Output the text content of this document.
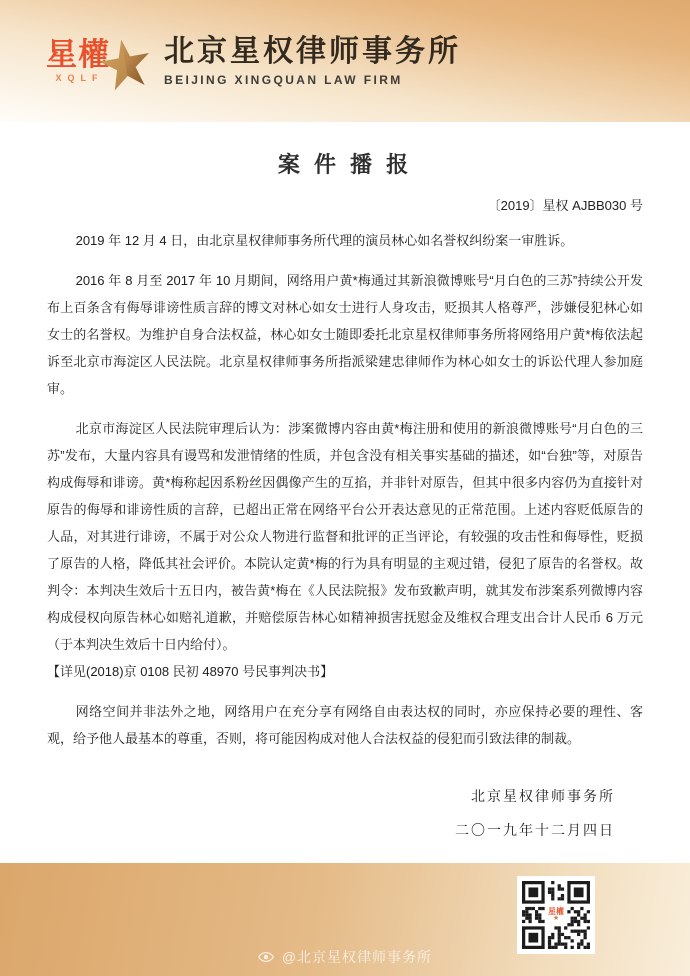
星權
XQLF
北京星权律师事务所
BEIJING XINGQUAN LAW FIRM
案 件 播 报
〔2019〕星权 AJBB030 号

2019 年 12 月 4 日，由北京星权律师事务所代理的演员林心如名誉权纠纷案一审胜诉。

2016 年 8 月至 2017 年 10 月期间，网络用户黄*梅通过其新浪微博账号“月白色的三苏”持续公开发布上百条含有侮辱诽谤性质言辞的博文对林心如女士进行人身攻击，贬损其人格尊严，涉嫌侵犯林心如女士的名誉权。为维护自身合法权益，林心如女士随即委托北京星权律师事务所将网络用户黄*梅依法起诉至北京市海淀区人民法院。北京星权律师事务所指派梁建忠律师作为林心如女士的诉讼代理人参加庭审。

北京市海淀区人民法院审理后认为：涉案微博内容由黄*梅注册和使用的新浪微博账号“月白色的三苏”发布，大量内容具有谩骂和发泄情绪的性质，并包含没有相关事实基础的描述，如“台独”等，对原告构成侮辱和诽谤。黄*梅称起因系粉丝因偶像产生的互掐，并非针对原告，但其中很多内容仍为直接针对原告的侮辱和诽谤性质的言辞，已超出正常在网络平台公开表达意见的正常范围。上述内容贬低原告的人品，对其进行诽谤，不属于对公众人物进行监督和批评的正当评论，有较强的攻击性和侮辱性，贬损了原告的人格，降低其社会评价。本院认定黄*梅的行为具有明显的主观过错，侵犯了原告的名誉权。故判令：本判决生效后十五日内，被告黄*梅在《人民法院报》发布致歉声明，就其发布涉案系列微博内容构成侵权向原告林心如赔礼道歉，并赔偿原告林心如精神损害抚慰金及维权合理支出合计人民币 6 万元（于本判决生效后十日内给付）。

【详见(2018)京 0108 民初 48970 号民事判决书】

网络空间并非法外之地，网络用户在充分享有网络自由表达权的同时，亦应保持必要的理性、客观，给予他人最基本的尊重，否则，将可能因构成对他人合法权益的侵犯而引致法律的制裁。

北京星权律师事务所
二〇一九年十二月四日
星權
★
@北京星权律师事务所
